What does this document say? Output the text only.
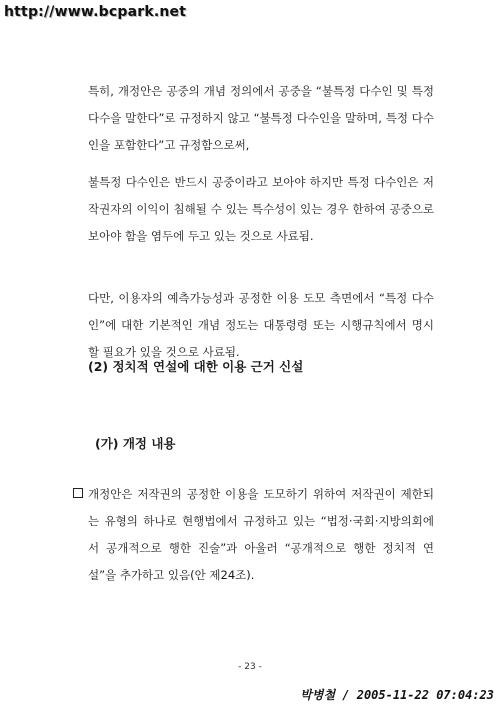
http://www.bcpark.net
특히, 개정안은 공중의 개념 정의에서 공중을 “불특정 다수인 및 특정다수을 말한다”로 규정하지 않고 “불특정 다수인을 말하며, 특정 다수인을 포함한다”고 규정함으로써,
불특정 다수인은 반드시 공중이라고 보아야 하지만 특정 다수인은 저작권자의 이익이 침해될 수 있는 특수성이 있는 경우 한하여 공중으로 보아야 함을 염두에 두고 있는 것으로 사료됨.
다만, 이용자의 예측가능성과 공정한 이용 도모 측면에서 “특정 다수인”에 대한 기본적인 개념 정도는 대통령령 또는 시행규칙에서 명시할 필요가 있을 것으로 사료됨.
(2) 정치적 연설에 대한 이용 근거 신설
(가) 개정 내용
개정안은 저작권의 공정한 이용을 도모하기 위하여 저작권이 제한되는 유형의 하나로 현행법에서 규정하고 있는 “법정·국회·지방의회에서 공개적으로 행한 진술”과 아울러 “공개적으로 행한 정치적 연설”을 추가하고 있음(안 제24조).
- 23 -
박병철 / 2005-11-22 07:04:23
